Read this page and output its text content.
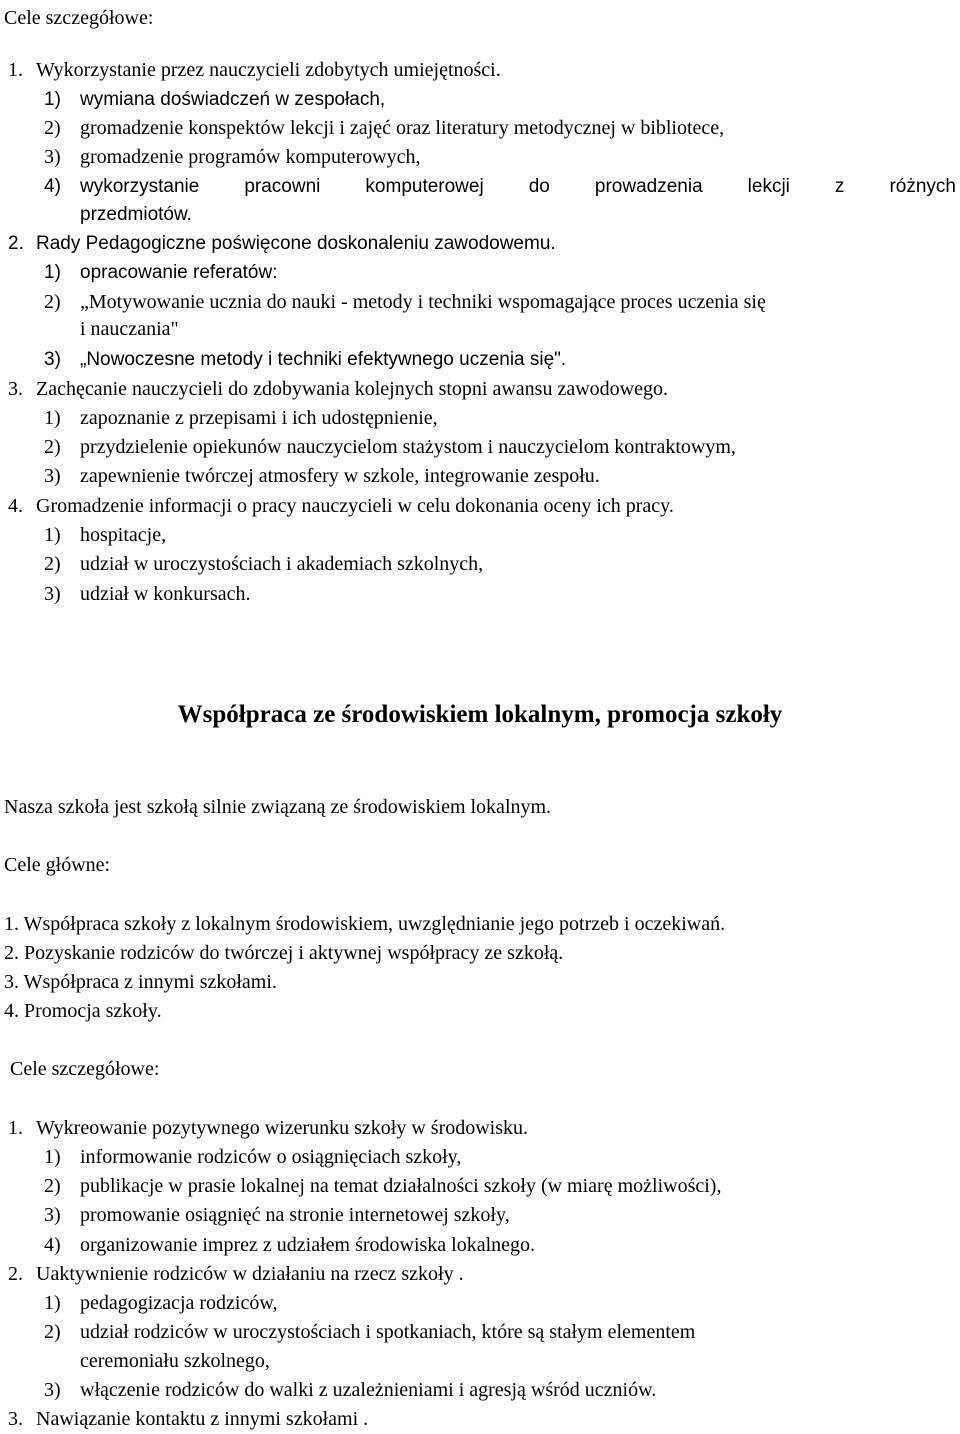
Cele szczegółowe:
1. Wykorzystanie przez nauczycieli zdobytych umiejętności.
1) wymiana doświadczeń w zespołach,
2) gromadzenie konspektów lekcji i zajęć oraz literatury metodycznej w bibliotece,
3) gromadzenie programów komputerowych,
4) wykorzystanie pracowni komputerowej do prowadzenia lekcji z różnych
przedmiotów.
2. Rady Pedagogiczne poświęcone doskonaleniu zawodowemu.
1) opracowanie referatów:
2) „Motywowanie ucznia do nauki - metody i techniki wspomagające proces uczenia się
i nauczania"
3) „Nowoczesne metody i techniki efektywnego uczenia się".
3. Zachęcanie nauczycieli do zdobywania kolejnych stopni awansu zawodowego.
1) zapoznanie z przepisami i ich udostępnienie,
2) przydzielenie opiekunów nauczycielom stażystom i nauczycielom kontraktowym,
3) zapewnienie twórczej atmosfery w szkole, integrowanie zespołu.
4. Gromadzenie informacji o pracy nauczycieli w celu dokonania oceny ich pracy.
1) hospitacje,
2) udział w uroczystościach i akademiach szkolnych,
3) udział w konkursach.
Współpraca ze środowiskiem lokalnym, promocja szkoły
Nasza szkoła jest szkołą silnie związaną ze środowiskiem lokalnym.
Cele główne:
1. Współpraca szkoły z lokalnym środowiskiem, uwzględnianie jego potrzeb i oczekiwań.
2. Pozyskanie rodziców do twórczej i aktywnej współpracy ze szkołą.
3. Współpraca z innymi szkołami.
4. Promocja szkoły.
Cele szczegółowe:
1. Wykreowanie pozytywnego wizerunku szkoły w środowisku.
1) informowanie rodziców o osiągnięciach szkoły,
2) publikacje w prasie lokalnej na temat działalności szkoły (w miarę możliwości),
3) promowanie osiągnięć na stronie internetowej szkoły,
4) organizowanie imprez z udziałem środowiska lokalnego.
2. Uaktywnienie rodziców w działaniu na rzecz szkoły .
1) pedagogizacja rodziców,
2) udział rodziców w uroczystościach i spotkaniach, które są stałym elementem
ceremoniału szkolnego,
3) włączenie rodziców do walki z uzależnieniami i agresją wśród uczniów.
3. Nawiązanie kontaktu z innymi szkołami .
